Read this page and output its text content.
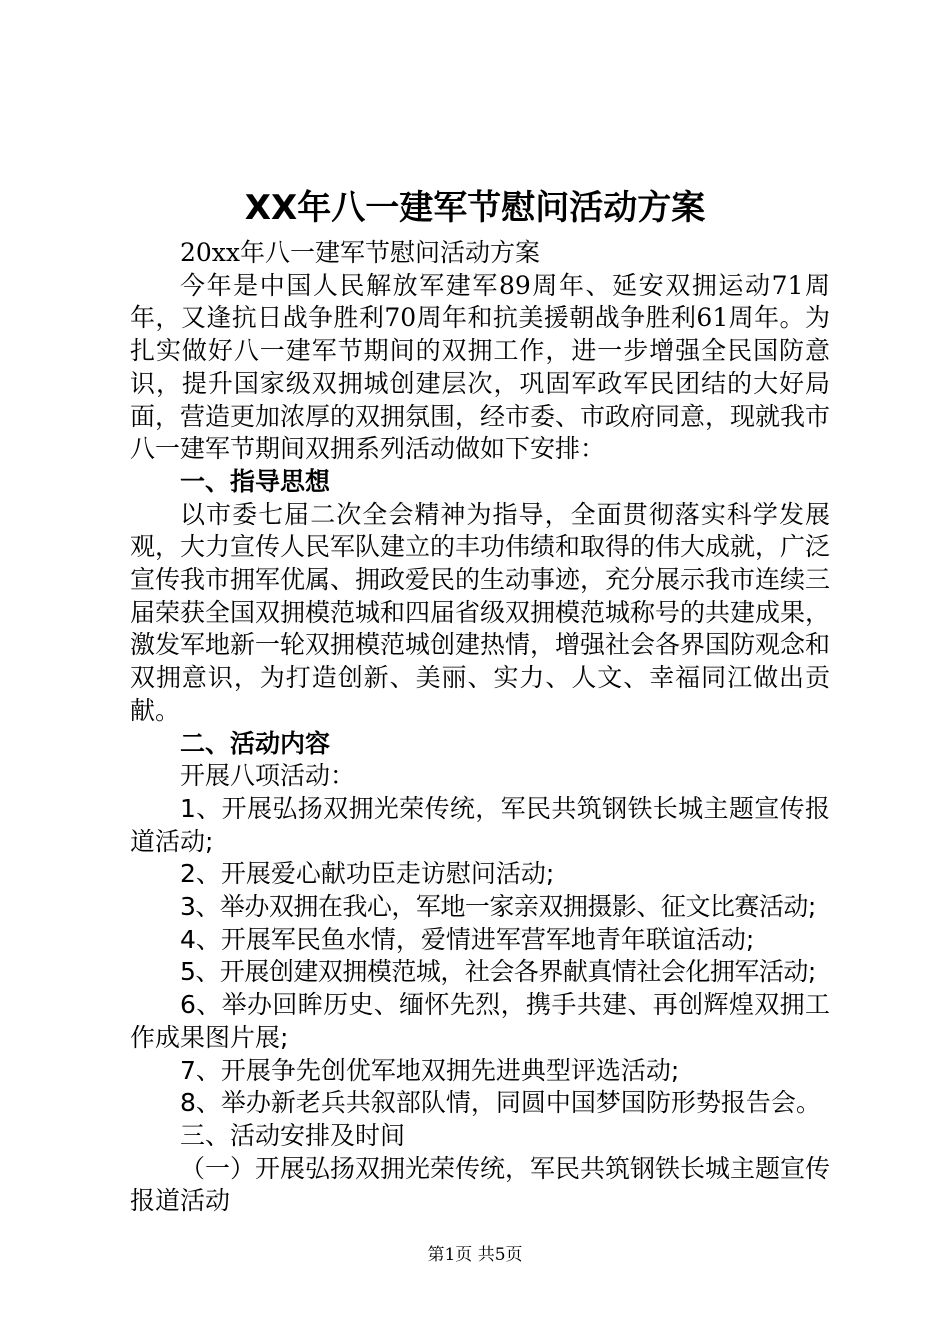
XX年八一建军节慰问活动方案

20xx年八一建军节慰问活动方案

今年是中国人民解放军建军89周年、延安双拥运动71周年，又逢抗日战争胜利70周年和抗美援朝战争胜利61周年。为扎实做好八一建军节期间的双拥工作，进一步增强全民国防意识，提升国家级双拥城创建层次，巩固军政军民团结的大好局面，营造更加浓厚的双拥氛围，经市委、市政府同意，现就我市八一建军节期间双拥系列活动做如下安排：

一、指导思想

以市委七届二次全会精神为指导，全面贯彻落实科学发展观，大力宣传人民军队建立的丰功伟绩和取得的伟大成就，广泛宣传我市拥军优属、拥政爱民的生动事迹，充分展示我市连续三届荣获全国双拥模范城和四届省级双拥模范城称号的共建成果，激发军地新一轮双拥模范城创建热情，增强社会各界国防观念和双拥意识，为打造创新、美丽、实力、人文、幸福同江做出贡献。

二、活动内容

开展八项活动：

1、开展弘扬双拥光荣传统，军民共筑钢铁长城主题宣传报道活动;

2、开展爱心献功臣走访慰问活动;

3、举办双拥在我心，军地一家亲双拥摄影、征文比赛活动;

4、开展军民鱼水情，爱情进军营军地青年联谊活动;

5、开展创建双拥模范城，社会各界献真情社会化拥军活动;

6、举办回眸历史、缅怀先烈，携手共建、再创辉煌双拥工作成果图片展;

7、开展争先创优军地双拥先进典型评选活动;

8、举办新老兵共叙部队情，同圆中国梦国防形势报告会。

三、活动安排及时间

（一）开展弘扬双拥光荣传统，军民共筑钢铁长城主题宣传报道活动

第1页 共5页
